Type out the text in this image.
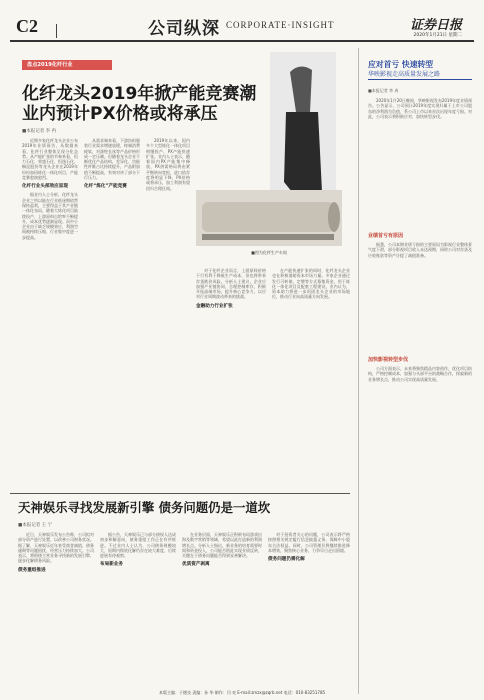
C2	公司纵深 CORPORATE·INSIGHT	证券日报
2020年1月21日 星期二
盘点2019化纤行业
化纤龙头2019年掀产能竞赛潮
业内预计PX价格或将承压
■本报记者 李 冉
■图为化纤生产车间

近期多家化纤龙头企业公布2019年业绩预告，从数据来看，化纤行业整体呈现分化态势。从产能扩张的节奏来看，恒力石化、荣盛石化、恒逸石化、桐昆股份等龙头企业在2019年纷纷加码炼化一体化项目，产能竞赛愈演愈烈。

化纤行业头部效应显现

据业内人士分析，化纤龙头企业之所以能在行业低迷期依然保持盈利，主要得益于其产业链一体化布局。随着大炼化项目陆续投产，上游原料自给率不断提升，成本优势逐渐显现。而中小企业由于缺乏规模效应，利润空间被持续压缩，行业集中度进一步提高。

从需求端来看，下游纺织服装行业需求增速放缓，终端消费疲软，对涤纶长丝等产品价格形成一定压制。但随着龙头企业不断优化产品结构，差异化、功能性纤维占比持续提升，产品附加值不断提高，有效对冲了部分下行压力。

化纤“炼化”产能竞赛

2019年以来，国内多个大型炼化一体化项目相继投产，PX产能快速扩张。业内人士表示，随着国内PX产能集中释放，PX供需格局将由紧平衡转向宽松，进口依存度将明显下降，PX价格或将承压，加工利润有望回归合理区间。

对于化纤企业而言，上游原料价格下行有利于降低生产成本，但也将带来存货跌价风险。分析人士建议，企业应加强产业链协同，合理控制库存，积极开拓高端市场，提升核心竞争力，以应对行业周期波动带来的挑战。

金融助力行业扩张

在产能快速扩张的同时，化纤龙头企业也在积极借助资本市场力量。多家企业通过发行可转债、定增等方式募集资金，用于炼化一体化项目及配套工程建设。业内认为，资本助力将进一步巩固龙头企业的市场地位，推动行业向高质量方向发展。

应对首亏 快速转型
华映影视走高质量发展之路
■本报记者 李 冉

2020年1月20日晚间，华映影视发布2019年度业绩预告。公告显示，公司预计2019年度实现归属于上市公司股东的净利润为负值，系公司上市以来首次出现年度亏损。对此，公司表示将积极应对，加快转型步伐。

业绩首亏有原因

据悉，公司本期业绩亏损的主要原因为影视行业整体景气度下滑，部分影视项目收入未达预期，同时公司对存货及应收账款等资产计提了减值准备。

加快影视转型步伐

公司方面表示，未来将聚焦精品内容创作，优化项目结构，严格控制成本，加强与头部平台的战略合作，探索新的业务增长点，推动公司实现高质量发展。

天神娱乐寻找发展新引擎 债务问题仍是一道坎
■本报记者 王 宁

近日，天神娱乐发布公告称，公司拟对部分资产进行处置，以改善公司财务状况。据了解，天神娱乐近年来受商誉减值、债务逾期等问题困扰，经营压力持续加大。公司表示，将围绕主营业务寻找新的发展引擎，逐步化解债务风险。

债务重组推进

据公告，天神娱乐已与部分债权人达成初步和解意向，债务重组工作正在有序推进。不过业内人士认为，公司债务规模较大，短期内彻底化解仍存在较大难度，后续进展有待观察。

布局新业务

在业务层面，天神娱乐正积极布局游戏出海及数字营销等领域，希望以此打造新的利润增长点。分析人士指出，新业务的培育需要时间和资金投入，公司能否借此实现业绩反转，关键在于债务问题能否得到妥善解决。

优质资产剥离

对于投资者关心的问题，公司表示将严格按照相关规定履行信息披露义务，保障中小股东合法权益。同时，公司管理层将继续推进降本增效，聚焦核心业务，力争早日走出困境。

债务问题仍需化解
本版主编：于德良 责编：孙 华 制作：闫 亮 E-mail:zmzx@zqrb.net 电话：010-83251785
